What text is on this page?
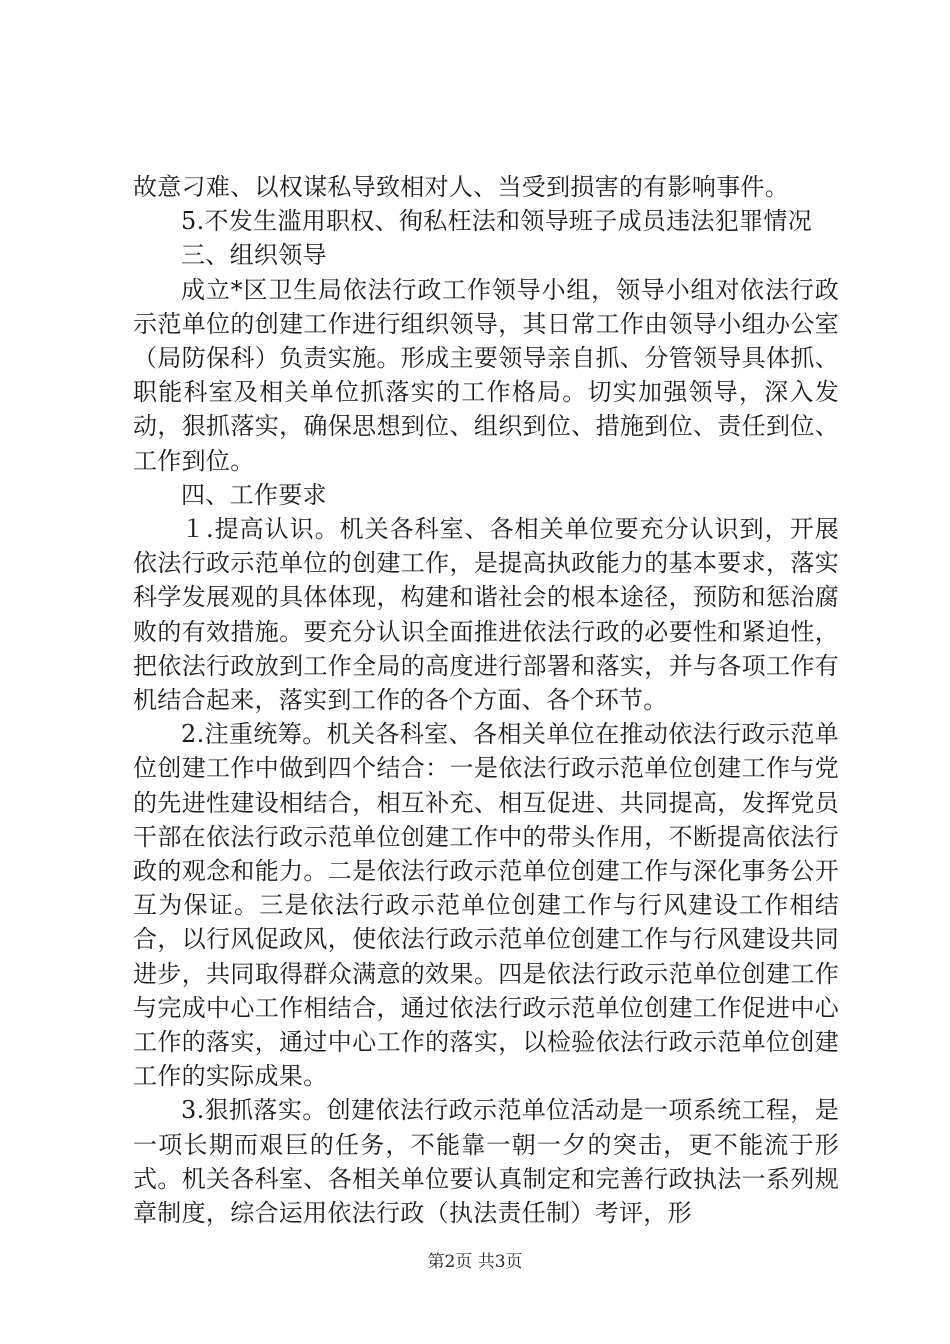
故意刁难、以权谋私导致相对人、当受到损害的有影响事件。

5.不发生滥用职权、徇私枉法和领导班子成员违法犯罪情况

三、组织领导

成立*区卫生局依法行政工作领导小组，领导小组对依法行政示范单位的创建工作进行组织领导，其日常工作由领导小组办公室（局防保科）负责实施。形成主要领导亲自抓、分管领导具体抓、职能科室及相关单位抓落实的工作格局。切实加强领导，深入发动，狠抓落实，确保思想到位、组织到位、措施到位、责任到位、工作到位。

四、工作要求

１.提高认识。机关各科室、各相关单位要充分认识到，开展依法行政示范单位的创建工作，是提高执政能力的基本要求，落实科学发展观的具体体现，构建和谐社会的根本途径，预防和惩治腐败的有效措施。要充分认识全面推进依法行政的必要性和紧迫性，把依法行政放到工作全局的高度进行部署和落实，并与各项工作有机结合起来，落实到工作的各个方面、各个环节。

2.注重统筹。机关各科室、各相关单位在推动依法行政示范单位创建工作中做到四个结合：一是依法行政示范单位创建工作与党的先进性建设相结合，相互补充、相互促进、共同提高，发挥党员干部在依法行政示范单位创建工作中的带头作用，不断提高依法行政的观念和能力。二是依法行政示范单位创建工作与深化事务公开互为保证。三是依法行政示范单位创建工作与行风建设工作相结合，以行风促政风，使依法行政示范单位创建工作与行风建设共同进步，共同取得群众满意的效果。四是依法行政示范单位创建工作与完成中心工作相结合，通过依法行政示范单位创建工作促进中心工作的落实，通过中心工作的落实，以检验依法行政示范单位创建工作的实际成果。

3.狠抓落实。创建依法行政示范单位活动是一项系统工程，是一项长期而艰巨的任务，不能靠一朝一夕的突击，更不能流于形式。机关各科室、各相关单位要认真制定和完善行政执法一系列规章制度，综合运用依法行政（执法责任制）考评，形

第2页 共3页
